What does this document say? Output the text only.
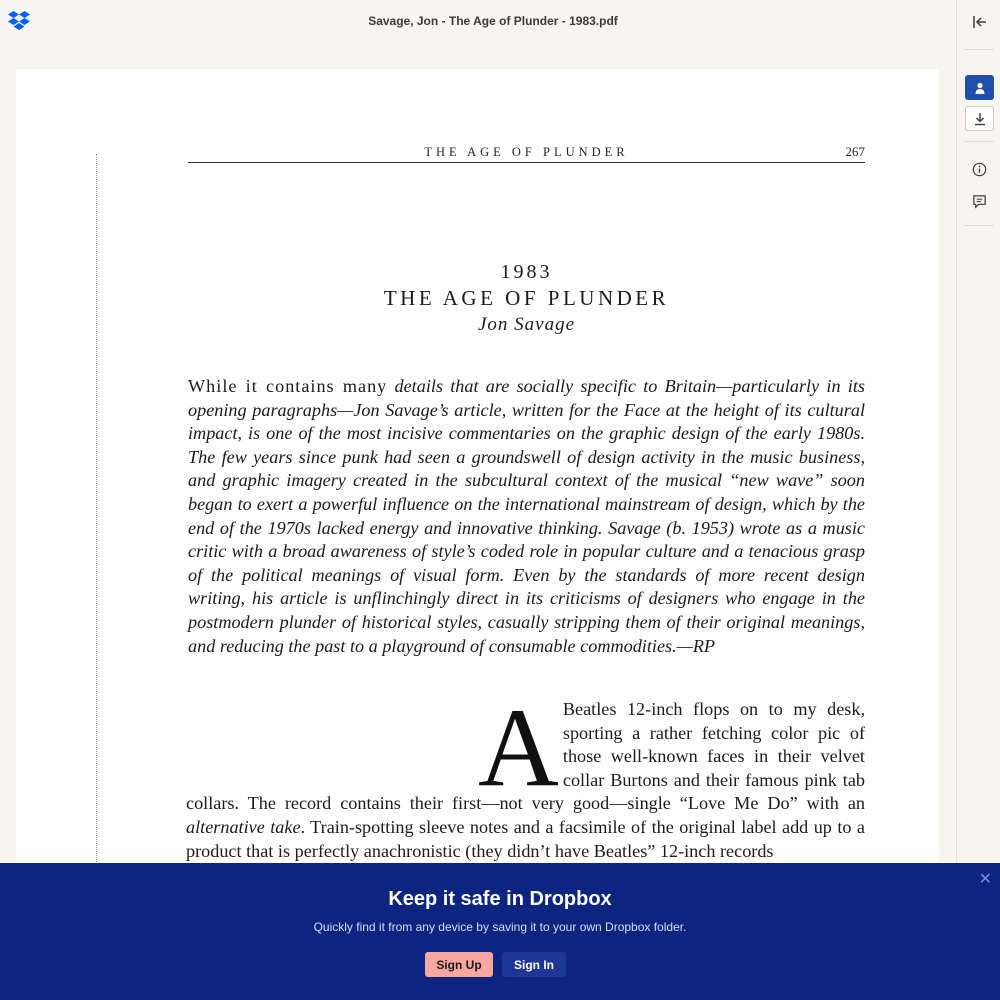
Savage, Jon - The Age of Plunder - 1983.pdf
THE AGE OF PLUNDER	267
1983
THE AGE OF PLUNDER
Jon Savage

While it contains many details that are socially specific to Britain—particularly in its opening paragraphs—Jon Savage’s article, written for the Face at the height of its cultural impact, is one of the most incisive commentaries on the graphic design of the early 1980s. The few years since punk had seen a groundswell of design activity in the music business, and graphic imagery created in the subcultural context of the musical “new wave” soon began to exert a powerful influence on the international mainstream of design, which by the end of the 1970s lacked energy and innovative thinking. Savage (b. 1953) wrote as a music critic with a broad awareness of style’s coded role in popular culture and a tenacious grasp of the political meanings of visual form. Even by the standards of more recent design writing, his article is unflinchingly direct in its criticisms of designers who engage in the postmodern plunder of historical styles, casually stripping them of their original meanings, and reducing the past to a playground of consumable commodities.—RP

A Beatles 12-inch flops on to my desk, sporting a rather fetching color pic of those well-known faces in their velvet collar Burtons and their famous pink tab collars. The record contains their first—not very good—single “Love Me Do” with an alternative take. Train-spotting sleeve notes and a facsimile of the original label add up to a product that is perfectly anachronistic (they didn’t have Beatles” 12-inch records

✕
Keep it safe in Dropbox
Quickly find it from any device by saving it to your own Dropbox folder.
Sign Up	Sign In
